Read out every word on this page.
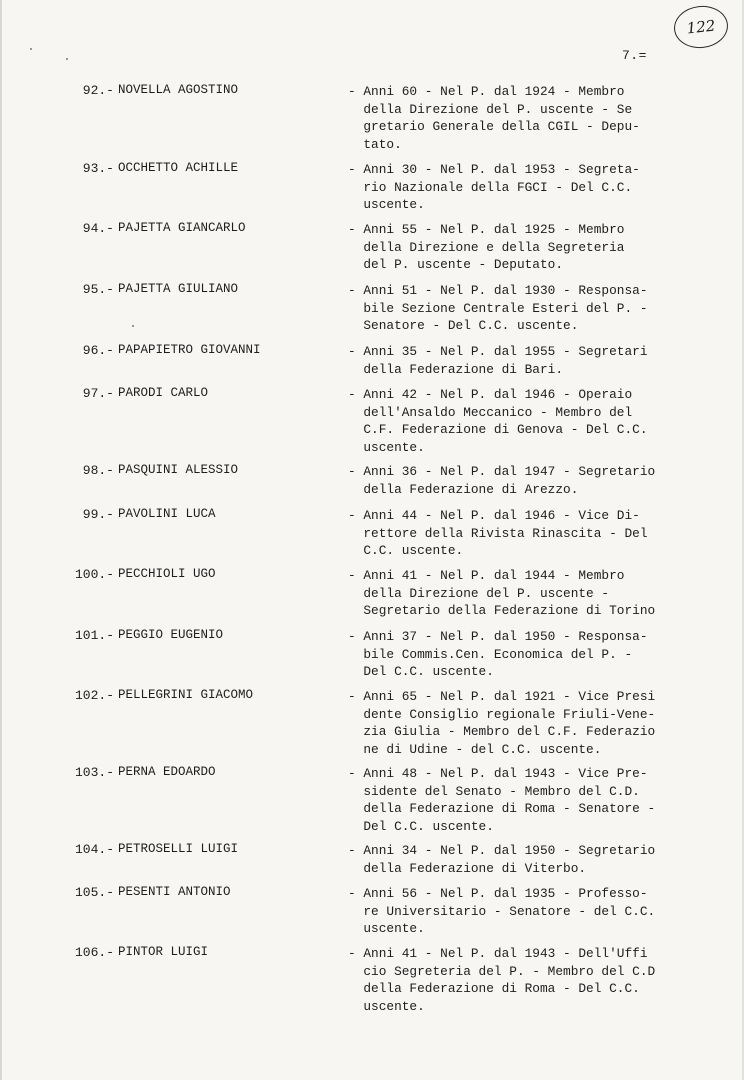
122
7.=
92.- NOVELLA AGOSTINO	- Anni 60 - Nel P. dal 1924 - Membro
della Direzione del P. uscente - Se
gretario Generale della CGIL - Depu-
tato.
93.- OCCHETTO ACHILLE	- Anni 30 - Nel P. dal 1953 - Segreta-
rio Nazionale della FGCI - Del C.C.
uscente.
94.- PAJETTA GIANCARLO	- Anni 55 - Nel P. dal 1925 - Membro
della Direzione e della Segreteria
del P. uscente - Deputato.
95.- PAJETTA GIULIANO	- Anni 51 - Nel P. dal 1930 - Responsa-
bile Sezione Centrale Esteri del P. -
Senatore - Del C.C. uscente.
96.- PAPAPIETRO GIOVANNI	- Anni 35 - Nel P. dal 1955 - Segretari
della Federazione di Bari.
97.- PARODI CARLO	- Anni 42 - Nel P. dal 1946 - Operaio
dell'Ansaldo Meccanico - Membro del
C.F. Federazione di Genova - Del C.C.
uscente.
98.- PASQUINI ALESSIO	- Anni 36 - Nel P. dal 1947 - Segretario
della Federazione di Arezzo.
99.- PAVOLINI LUCA	- Anni 44 - Nel P. dal 1946 - Vice Di-
rettore della Rivista Rinascita - Del
C.C. uscente.
100.- PECCHIOLI UGO	- Anni 41 - Nel P. dal 1944 - Membro
della Direzione del P. uscente -
Segretario della Federazione di Torino
101.- PEGGIO EUGENIO	- Anni 37 - Nel P. dal 1950 - Responsa-
bile Commis.Cen. Economica del P. -
Del C.C. uscente.
102.- PELLEGRINI GIACOMO	- Anni 65 - Nel P. dal 1921 - Vice Presi
dente Consiglio regionale Friuli-Vene-
zia Giulia - Membro del C.F. Federazio
ne di Udine - del C.C. uscente.
103.- PERNA EDOARDO	- Anni 48 - Nel P. dal 1943 - Vice Pre-
sidente del Senato - Membro del C.D.
della Federazione di Roma - Senatore -
Del C.C. uscente.
104.- PETROSELLI LUIGI	- Anni 34 - Nel P. dal 1950 - Segretario
della Federazione di Viterbo.
105.- PESENTI ANTONIO	- Anni 56 - Nel P. dal 1935 - Professo-
re Universitario - Senatore - del C.C.
uscente.
106.- PINTOR LUIGI	- Anni 41 - Nel P. dal 1943 - Dell'Uffi
cio Segreteria del P. - Membro del C.D
della Federazione di Roma - Del C.C.
uscente.
